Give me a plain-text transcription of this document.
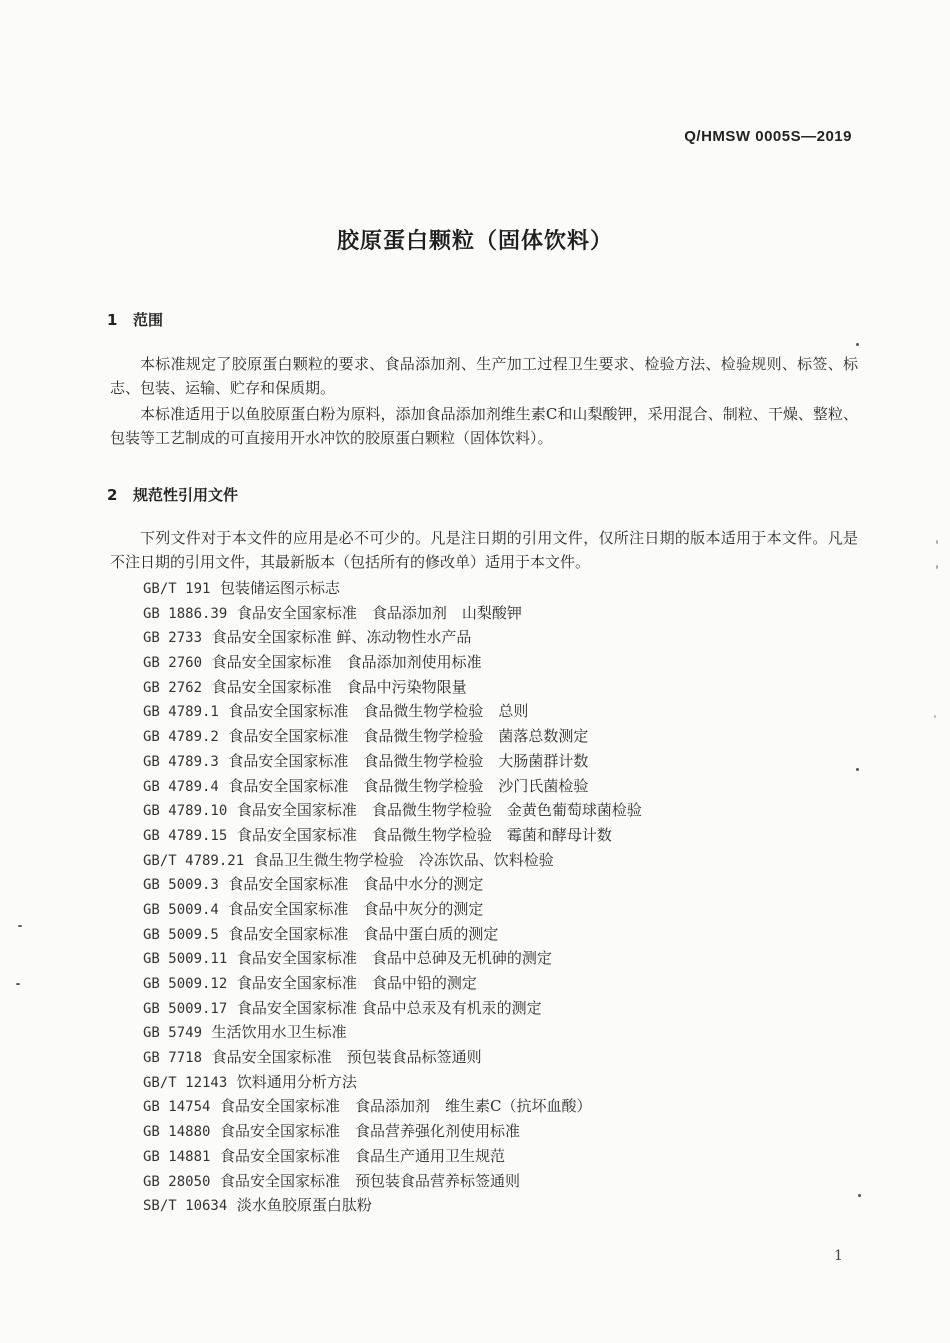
Q/HMSW 0005S—2019
胶原蛋白颗粒（固体饮料）
1 范围

本标准规定了胶原蛋白颗粒的要求、食品添加剂、生产加工过程卫生要求、检验方法、检验规则、标签、标志、包装、运输、贮存和保质期。

本标准适用于以鱼胶原蛋白粉为原料，添加食品添加剂维生素C和山梨酸钾，采用混合、制粒、干燥、整粒、包装等工艺制成的可直接用开水冲饮的胶原蛋白颗粒（固体饮料）。

2 规范性引用文件

下列文件对于本文件的应用是必不可少的。凡是注日期的引用文件，仅所注日期的版本适用于本文件。凡是不注日期的引用文件，其最新版本（包括所有的修改单）适用于本文件。

GB/T 191 包装储运图示标志
GB 1886.39 食品安全国家标准　食品添加剂　山梨酸钾
GB 2733 食品安全国家标准 鲜、冻动物性水产品
GB 2760 食品安全国家标准　食品添加剂使用标准
GB 2762 食品安全国家标准　食品中污染物限量
GB 4789.1 食品安全国家标准　食品微生物学检验　总则
GB 4789.2 食品安全国家标准　食品微生物学检验　菌落总数测定
GB 4789.3 食品安全国家标准　食品微生物学检验　大肠菌群计数
GB 4789.4 食品安全国家标准　食品微生物学检验　沙门氏菌检验
GB 4789.10 食品安全国家标准　食品微生物学检验　金黄色葡萄球菌检验
GB 4789.15 食品安全国家标准　食品微生物学检验　霉菌和酵母计数
GB/T 4789.21 食品卫生微生物学检验　冷冻饮品、饮料检验
GB 5009.3 食品安全国家标准　食品中水分的测定
GB 5009.4 食品安全国家标准　食品中灰分的测定
GB 5009.5 食品安全国家标准　食品中蛋白质的测定
GB 5009.11 食品安全国家标准　食品中总砷及无机砷的测定
GB 5009.12 食品安全国家标准　食品中铅的测定
GB 5009.17 食品安全国家标准 食品中总汞及有机汞的测定
GB 5749 生活饮用水卫生标准
GB 7718 食品安全国家标准　预包装食品标签通则
GB/T 12143 饮料通用分析方法
GB 14754 食品安全国家标准　食品添加剂　维生素C（抗坏血酸）
GB 14880 食品安全国家标准　食品营养强化剂使用标准
GB 14881 食品安全国家标准　食品生产通用卫生规范
GB 28050 食品安全国家标准　预包装食品营养标签通则
SB/T 10634 淡水鱼胶原蛋白肽粉
1
